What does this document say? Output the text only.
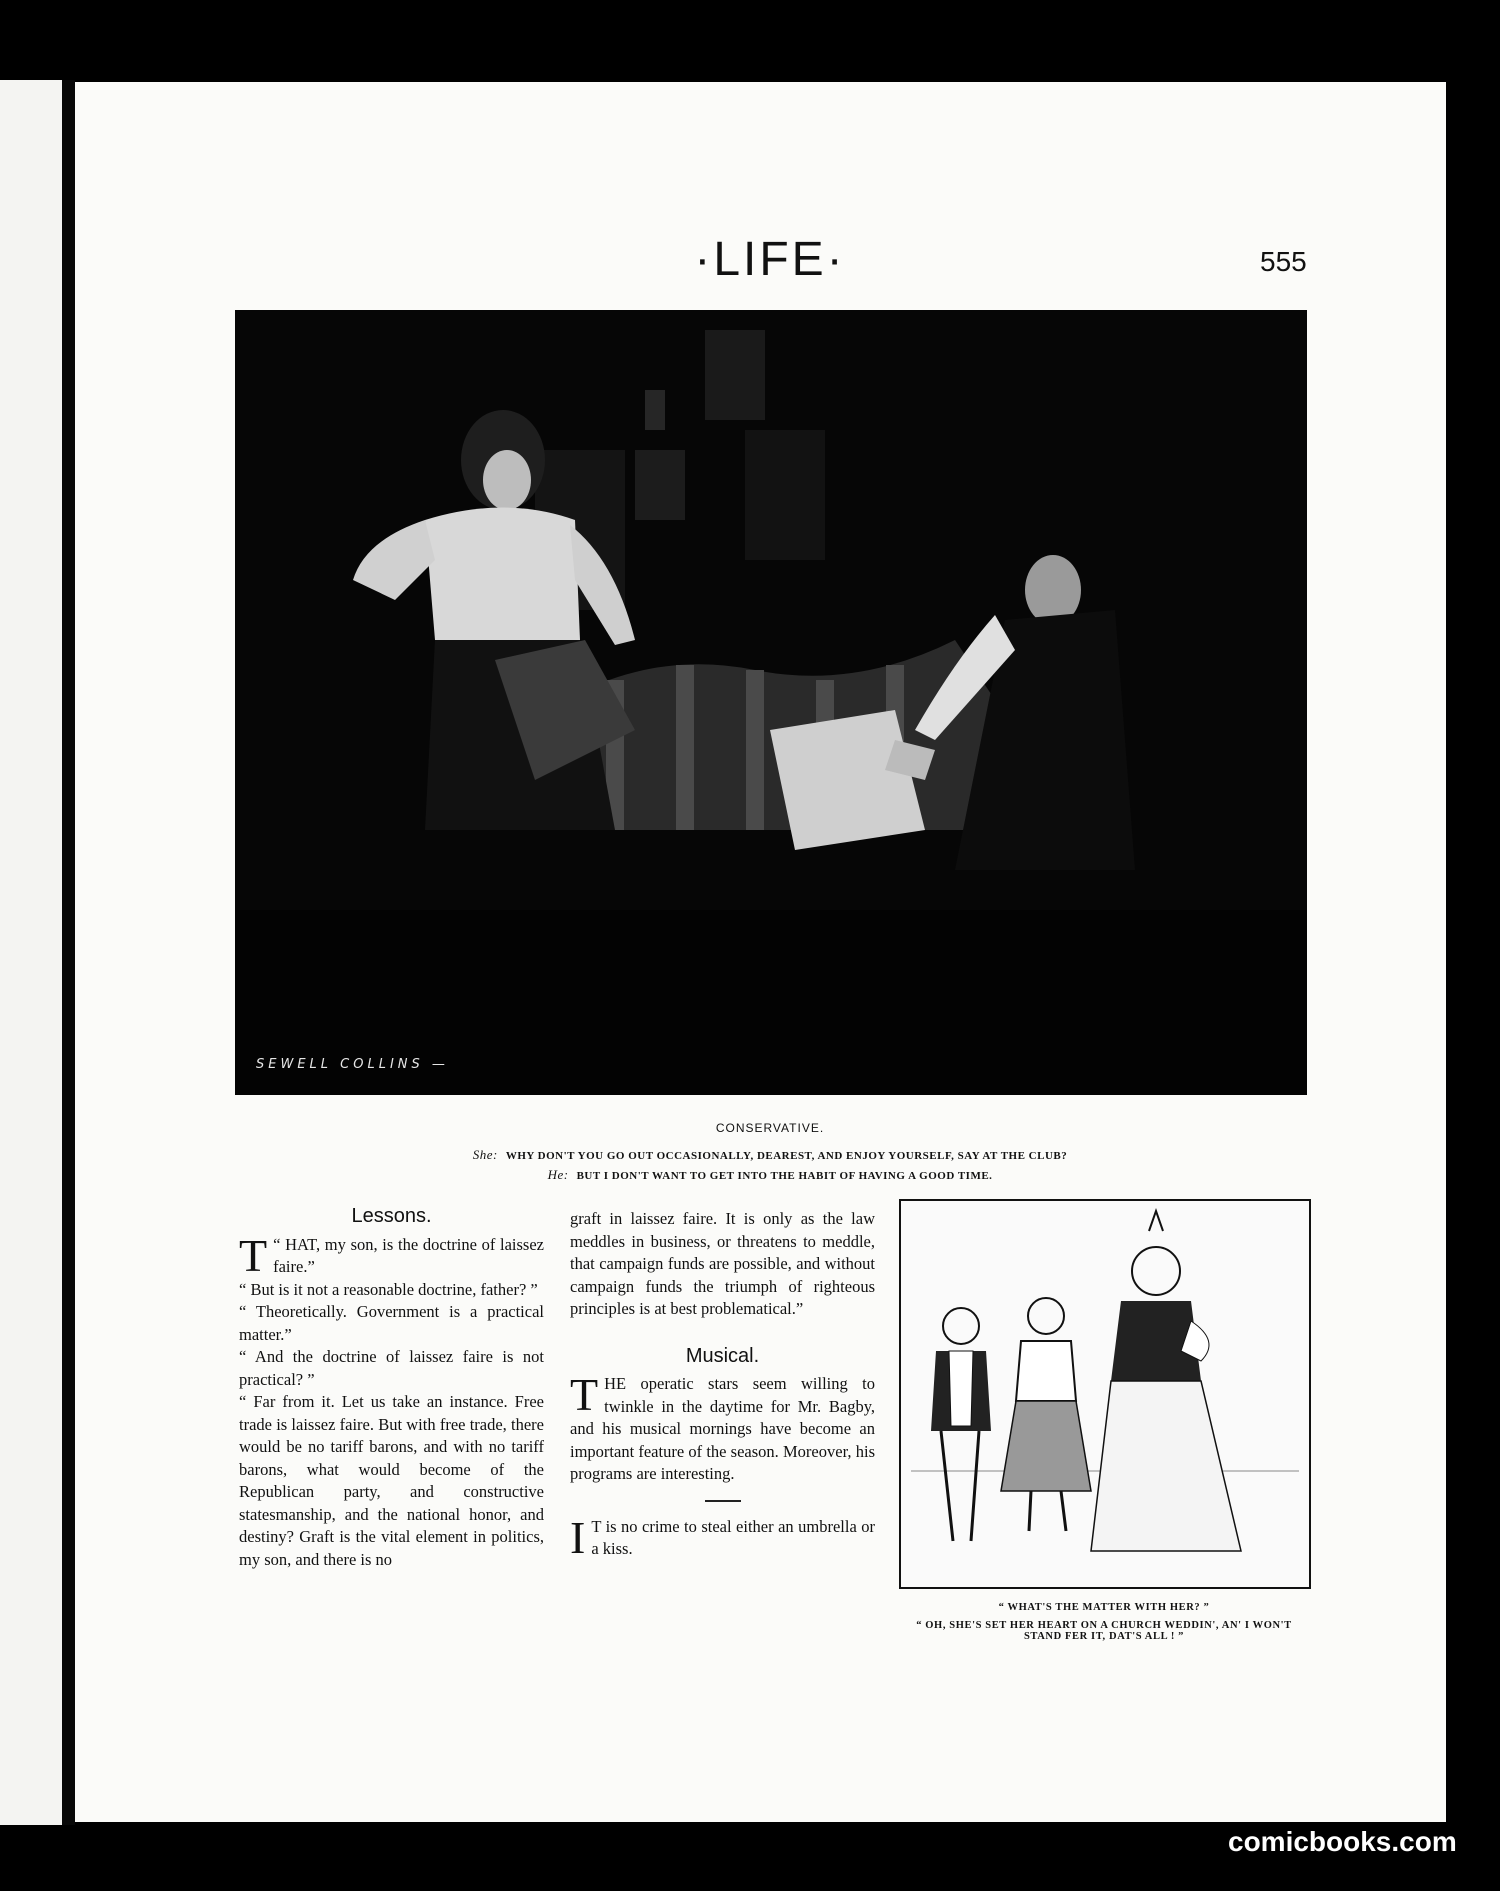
·LIFE·	555
SEWELL COLLINS —
CONSERVATIVE.
She: WHY DON'T YOU GO OUT OCCASIONALLY, DEAREST, AND ENJOY YOURSELF, SAY AT THE CLUB?
He: BUT I DON'T WANT TO GET INTO THE HABIT OF HAVING A GOOD TIME.
Lessons.

“
T HAT, my son, is the doctrine of laissez faire.”

“ But is it not a reasonable doctrine, father? ”

“ Theoretically. Government is a practical matter.”

“ And the doctrine of laissez faire is not practical? ”

“ Far from it. Let us take an instance. Free trade is laissez faire. But with free trade, there would be no tariff barons, and with no tariff barons, what would become of the Republican party, and constructive statesmanship, and the national honor, and destiny? Graft is the vital element in politics, my son, and there is no

graft in laissez faire. It is only as the law meddles in business, or threatens to meddle, that campaign funds are possible, and without campaign funds the triumph of righteous principles is at best problematical.”

Musical.

THE operatic stars seem willing to twinkle in the daytime for Mr. Bagby, and his musical mornings have become an important feature of the season. Moreover, his programs are interesting.

I T is no crime to steal either an umbrella or a kiss.

“ WHAT'S THE MATTER WITH HER? ”
“ OH, SHE'S SET HER HEART ON A CHURCH WEDDIN', AN' I WON'T STAND FER IT, DAT'S ALL ! ”
comicbooks.com
